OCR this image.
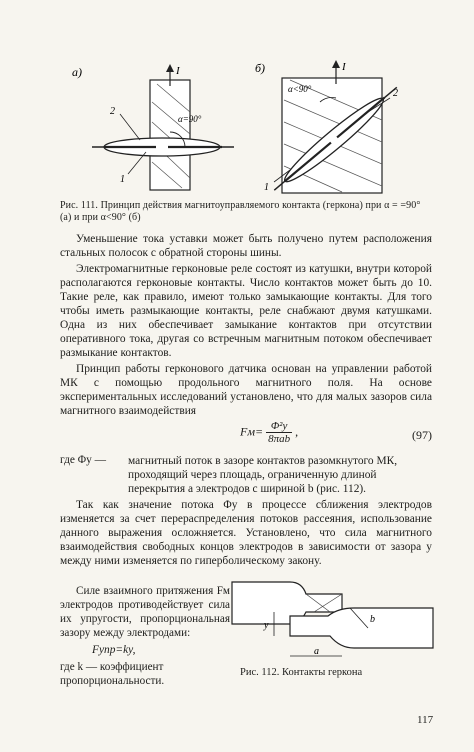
а)	I
α=90°
2
1
б)	I
α<90°	2
1
Рис. 111. Принцип действия магнитоуправляемого контакта (геркона) при α = =90° (а) и при α<90° (б)
Уменьшение тока уставки может быть получено путем расположения стальных полосок с обратной стороны шины.
Электромагнитные герконовые реле состоят из катушки, внутри которой располагаются герконовые контакты. Число контактов может быть до 10. Такие реле, как правило, имеют только замыкающие контакты. Для того чтобы иметь размыкающие контакты, реле снабжают двумя катушками. Одна из них обеспечивает замыкание контактов при отсутствии оперативного тока, другая со встречным магнитным потоком обеспечивает размыкание контактов.
Принцип работы герконового датчика основан на управлении работой МК с помощью продольного магнитного поля. На основе экспериментальных исследований установлено, что для малых зазоров сила магнитного взаимодействия
Fм= Φ²у
8πab
,	(97)
где Φу — магнитный поток в зазоре контактов разомкнутого МК, проходящий через площадь, ограниченную длиной перекрытия a электродов с шириной b (рис. 112).
Так как значение потока Φу в процессе сближения электродов изменяется за счет перераспределения потоков рассеяния, использование данного выражения осложняется. Установлено, что сила магнитного взаимодействия свободных концов электродов в зависимости от зазора y между ними изменяется по гиперболическому закону.
Силе взаимного притяжения Fм электродов противодействует сила их упругости, пропорциональная зазору между электродами:
Fупр=ky,
где k — коэффициент пропорциональности.
y
a
b
Рис. 112. Контакты геркона
117
